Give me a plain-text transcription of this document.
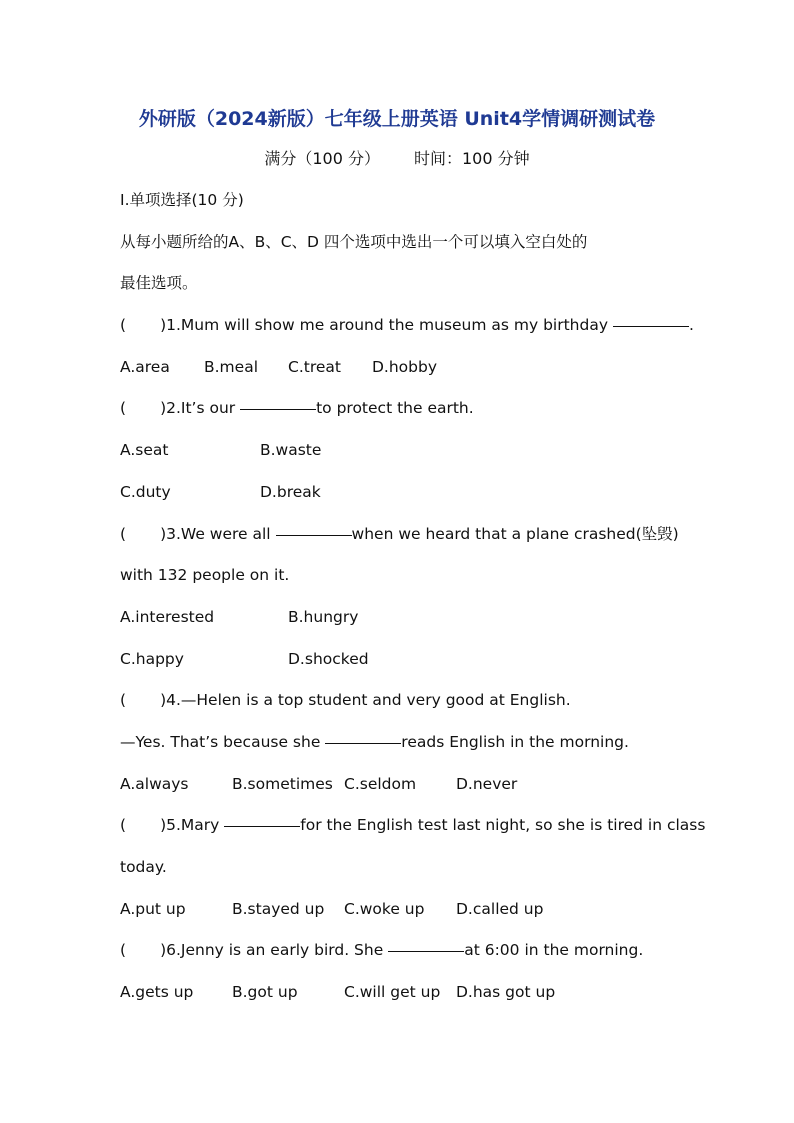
外研版（2024新版）七年级上册英语 Unit4学情调研测试卷
满分（100 分） 时间：100 分钟
Ⅰ.单项选择(10 分)
从每小题所给的A、B、C、D 四个选项中选出一个可以填入空白处的
最佳选项。
( )1.Mum will show me around the museum as my birthday	.
A.area B.meal C.treat D.hobby
( )2.It’s our	to protect the earth.
A.seat	B.waste
C.duty	D.break
( )3.We were all	when we heard that a plane crashed(坠毁)
with 132 people on it.
A.interested	B.hungry
C.happy	D.shocked
( )4.—Helen is a top student and very good at English.
—Yes. That’s because she	reads English in the morning.
A.always	B.sometimes C.seldom	D.never
( )5.Mary	for the English test last night, so she is tired in class
today.
A.put up	B.stayed up C.woke up D.called up
( )6.Jenny is an early bird. She	at 6:00 in the morning.
A.gets up B.got up	C.will get up D.has got up
